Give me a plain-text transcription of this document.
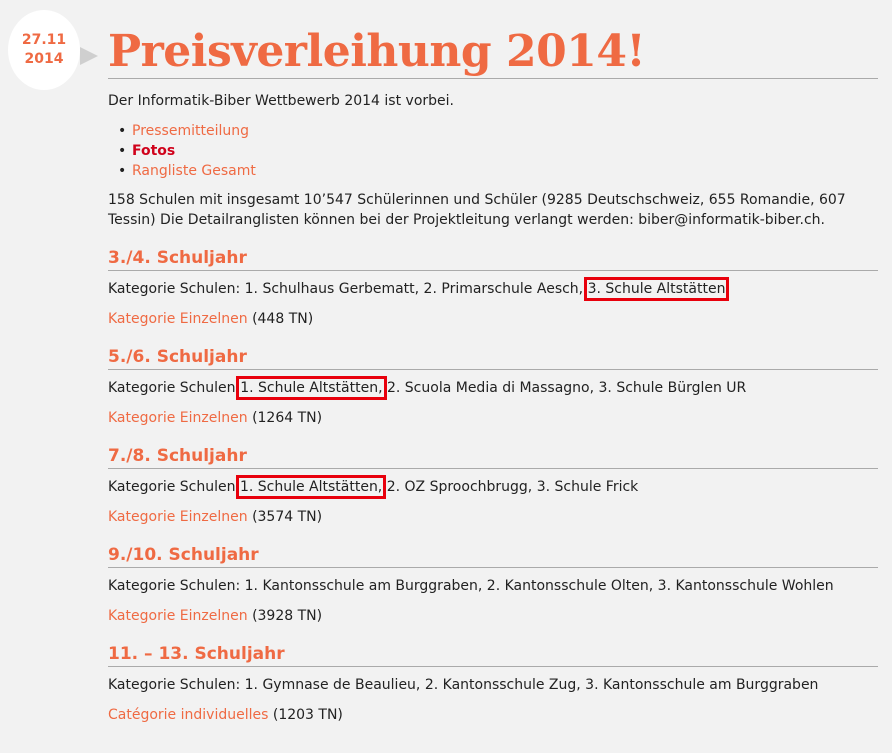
27.11
2014 Preisverleihung 2014!

Der Informatik-Biber Wettbewerb 2014 ist vorbei.

• Pressemitteilung
• Fotos
• Rangliste Gesamt

158 Schulen mit insgesamt 10’547 Schülerinnen und Schüler (9285 Deutschschweiz, 655 Romandie, 607 Tessin) Die Detailranglisten können bei der Projektleitung verlangt werden: biber@informatik-biber.ch.

3./4. Schuljahr

Kategorie Schulen: 1. Schulhaus Gerbematt, 2. Primarschule Aesch, 3. Schule Altstätten

Kategorie Einzelnen (448 TN)

5./6. Schuljahr

Kategorie Schulen:1. Schule Altstätten, 2. Scuola Media di Massagno, 3. Schule Bürglen UR

Kategorie Einzelnen (1264 TN)

7./8. Schuljahr

Kategorie Schulen 1. Schule Altstätten, 2. OZ Sproochbrugg, 3. Schule Frick

Kategorie Einzelnen (3574 TN)

9./10. Schuljahr

Kategorie Schulen: 1. Kantonsschule am Burggraben, 2. Kantonsschule Olten, 3. Kantonsschule Wohlen

Kategorie Einzelnen (3928 TN)

11. – 13. Schuljahr

Kategorie Schulen: 1. Gymnase de Beaulieu, 2. Kantonsschule Zug, 3. Kantonsschule am Burggraben

Catégorie individuelles (1203 TN)
